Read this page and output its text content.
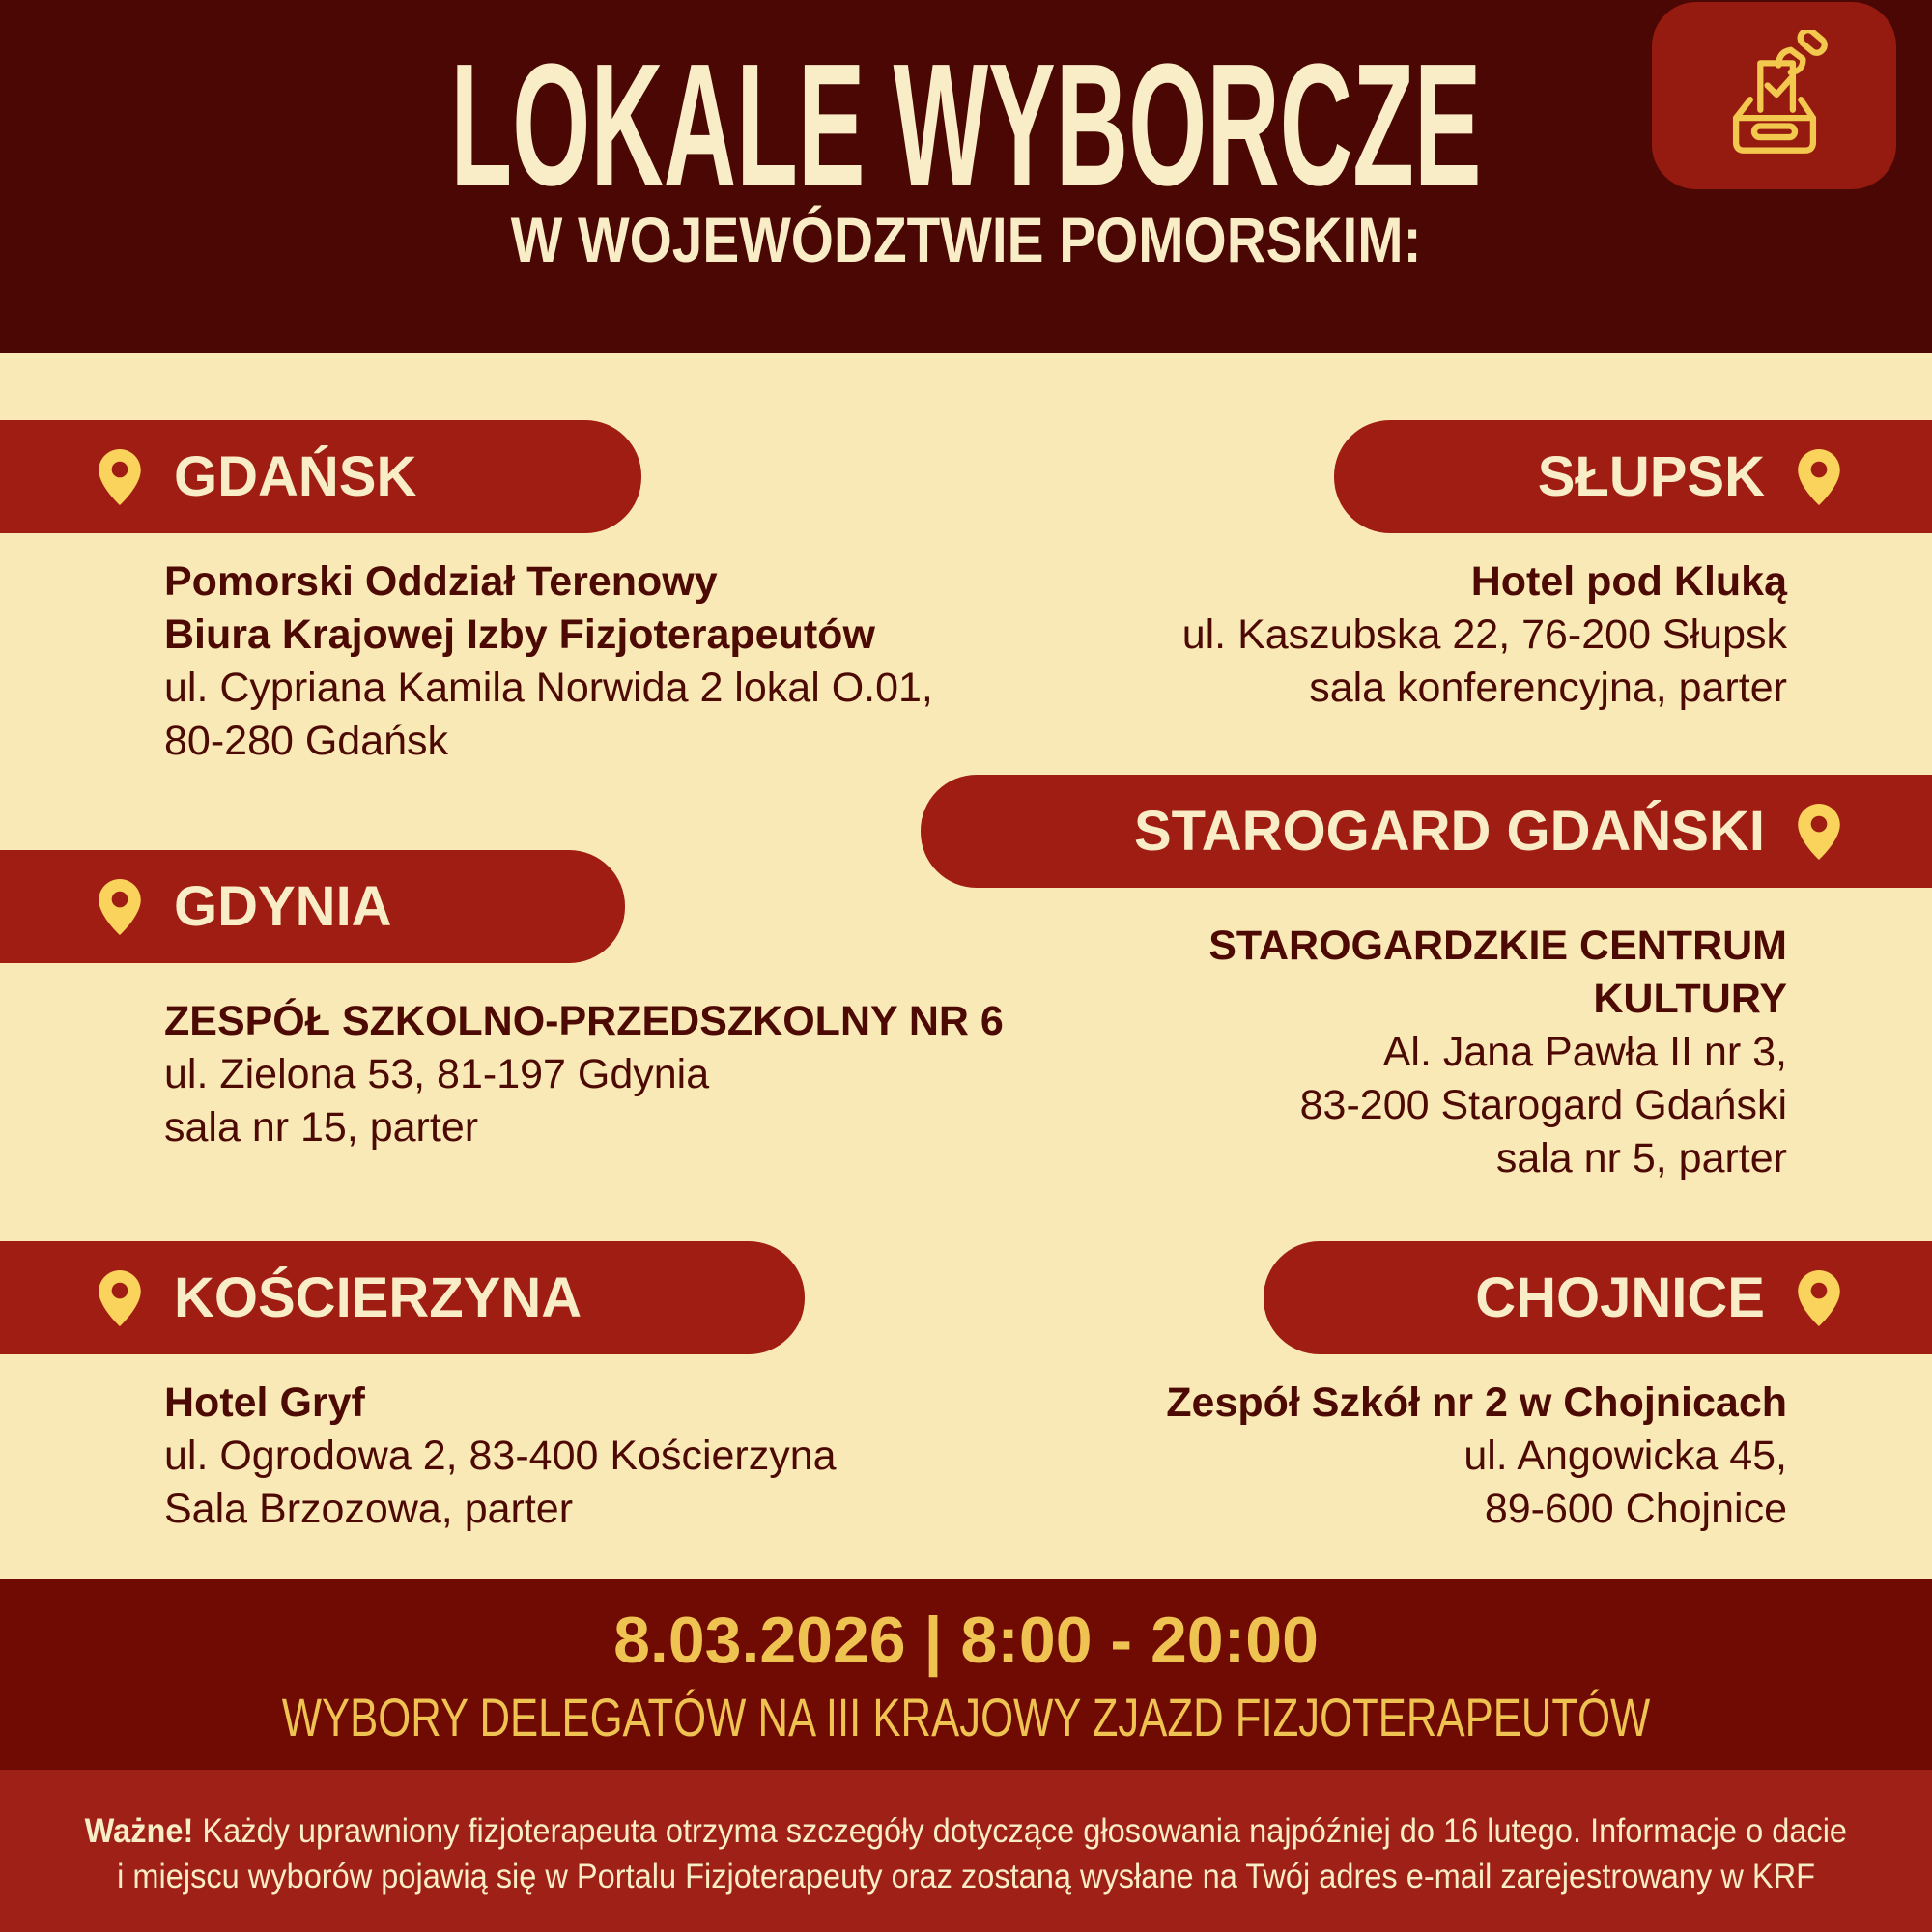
LOKALE WYBORCZE
W WOJEWÓDZTWIE POMORSKIM:
GDAŃSK
Pomorski Oddział Terenowy
Biura Krajowej Izby Fizjoterapeutów
ul. Cypriana Kamila Norwida 2 lokal O.01,
80-280 Gdańsk
SŁUPSK
Hotel pod Kluką
ul. Kaszubska 22, 76-200 Słupsk
sala konferencyjna, parter
STAROGARD GDAŃSKI
STAROGARDZKIE CENTRUM
KULTURY
Al. Jana Pawła II nr 3,
83-200 Starogard Gdański
sala nr 5, parter
GDYNIA
ZESPÓŁ SZKOLNO-PRZEDSZKOLNY NR 6
ul. Zielona 53, 81-197 Gdynia
sala nr 15, parter
KOŚCIERZYNA
Hotel Gryf
ul. Ogrodowa 2, 83-400 Kościerzyna
Sala Brzozowa, parter
CHOJNICE
Zespół Szkół nr 2 w Chojnicach
ul. Angowicka 45,
89-600 Chojnice
8.03.2026 | 8:00 - 20:00
WYBORY DELEGATÓW NA III KRAJOWY ZJAZD FIZJOTERAPEUTÓW
Ważne! Każdy uprawniony fizjoterapeuta otrzyma szczegóły dotyczące głosowania najpóźniej do 16 lutego. Informacje o dacie
i miejscu wyborów pojawią się w Portalu Fizjoterapeuty oraz zostaną wysłane na Twój adres e-mail zarejestrowany w KRF
